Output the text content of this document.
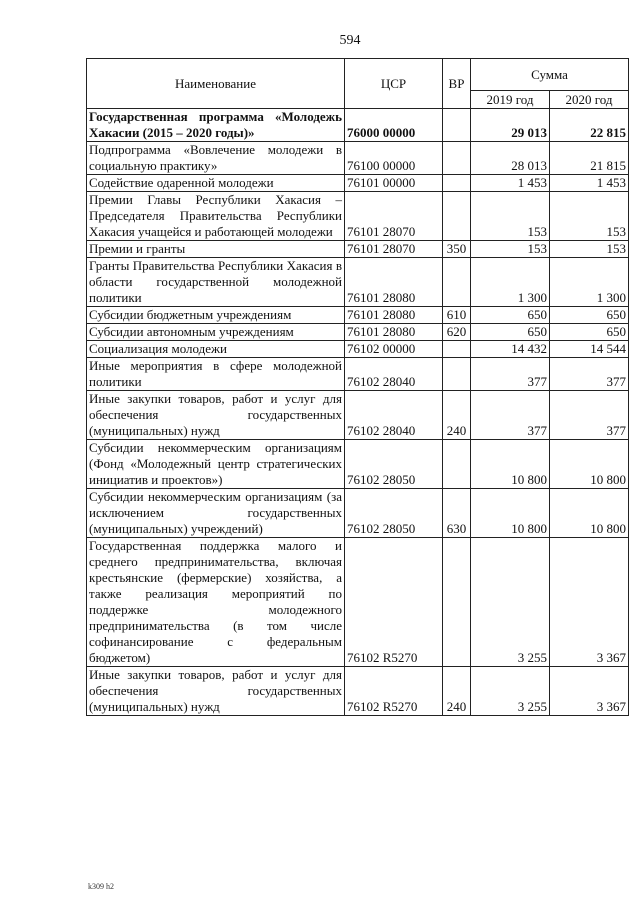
594
Наименование	ЦСР	ВР	Сумма	
			2019 год	2020 год
Государственная программа «Молодежь Хакасии (2015 – 2020 годы)»	76000 00000		29 013	22 815
Подпрограмма «Вовлечение молодежи в социальную практику»	76100 00000		28 013	21 815
Содействие одаренной молодежи	76101 00000		1 453	1 453
Премии Главы Республики Хакасия – Председателя Правительства Республики Хакасия учащейся и работающей молодежи	76101 28070		153	153
Премии и гранты	76101 28070	350	153	153
Гранты Правительства Республики Хакасия в области государственной молодежной политики	76101 28080		1 300	1 300
Субсидии бюджетным учреждениям	76101 28080	610	650	650
Субсидии автономным учреждениям	76101 28080	620	650	650
Социализация молодежи	76102 00000		14 432	14 544
Иные мероприятия в сфере молодежной политики	76102 28040		377	377
Иные закупки товаров, работ и услуг для обеспечения государственных (муниципальных) нужд	76102 28040	240	377	377
Субсидии некоммерческим организациям (Фонд «Молодежный центр стратегических инициатив и проектов»)	76102 28050		10 800	10 800
Субсидии некоммерческим организациям (за исключением государственных (муниципальных) учреждений)	76102 28050	630	10 800	10 800
Государственная поддержка малого и среднего предпринимательства, включая крестьянские (фермерские) хозяйства, а также реализация мероприятий по поддержке молодежного предпринимательства (в том числе софинансирование с федеральным бюджетом)	76102 R5270		3 255	3 367
Иные закупки товаров, работ и услуг для обеспечения государственных (муниципальных) нужд	76102 R5270	240	3 255	3 367
k309 h2
